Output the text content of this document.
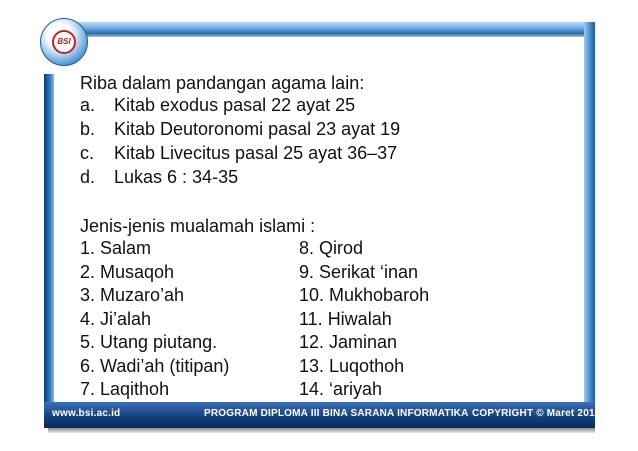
BSI
Riba dalam pandangan agama lain:
a. Kitab exodus pasal 22 ayat 25
b. Kitab Deutoronomi pasal 23 ayat 19
c. Kitab Livecitus pasal 25 ayat 36–37
d. Lukas 6 : 34-35
Jenis-jenis mualamah islami :
1. Salam
2. Musaqoh
3. Muzaro’ah
4. Ji’alah
5. Utang piutang.
6. Wadi’ah (titipan)
7. Laqithoh
8. Qirod
9. Serikat ‘inan
10. Mukhobaroh
11. Hiwalah
12. Jaminan
13. Luqothoh
14. ‘ariyah
www.bsi.ac.id	PROGRAM DIPLOMA III BINA SARANA INFORMATIKA COPYRIGHT © Maret 2014
